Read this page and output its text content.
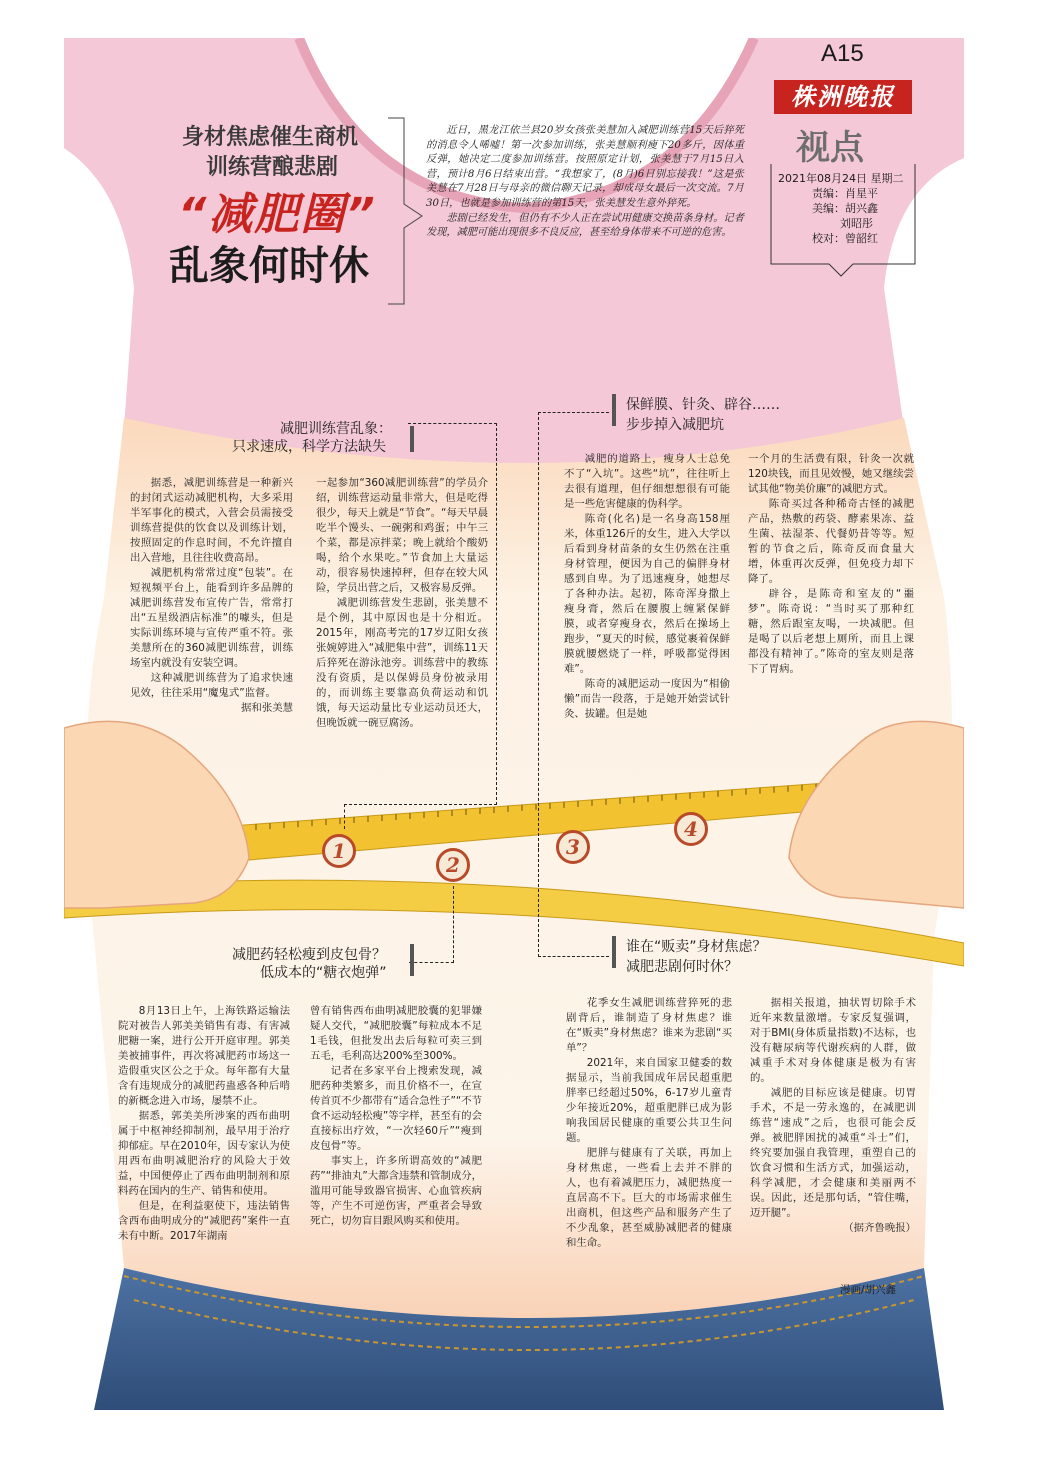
A15
株洲晚报
视点
2021年08月24日 星期二
责编：肖星平
美编：胡兴鑫
刘昭彤
校对：曾韶红
身材焦虑催生商机
训练营酿悲剧
“减肥圈”
乱象何时休

近日，黑龙江依兰县20岁女孩张美慧加入减肥训练营15天后猝死的消息令人唏嘘！第一次参加训练，张美慧顺利瘦下20多斤，因体重反弹，她决定二度参加训练营。按照原定计划，张美慧于7月15日入营，预计8月6日结束出营。“我想家了，(8月)6日别忘接我！”这是张美慧在7月28日与母亲的微信聊天记录，却成母女最后一次交流。7月30日，也就是参加训练营的第15天，张美慧发生意外猝死。

悲剧已经发生，但仍有不少人正在尝试用健康交换苗条身材。记者发现，减肥可能出现很多不良反应，甚至给身体带来不可逆的危害。

减肥训练营乱象：
只求速成，科学方法缺失

据悉，减肥训练营是一种新兴的封闭式运动减肥机构，大多采用半军事化的模式，入营会员需接受训练营提供的饮食以及训练计划，按照固定的作息时间，不允许擅自出入营地，且往往收费高昂。

减肥机构常常过度“包装”。在短视频平台上，能看到许多品牌的减肥训练营发布宣传广告，常常打出“五星级酒店标准”的噱头，但是实际训练环境与宣传严重不符。张美慧所在的360减肥训练营，训练场室内就没有安装空调。

这种减肥训练营为了追求快速见效，往往采用“魔鬼式”监督。

据和张美慧

一起参加“360减肥训练营”的学员介绍，训练营运动量非常大，但是吃得很少，每天上就是“节食”。“每天早晨吃半个馒头、一碗粥和鸡蛋；中午三个菜，都是凉拌菜；晚上就给个酸奶喝，给个水果吃。”节食加上大量运动，很容易快速掉秤，但存在较大风险，学员出营之后，又极容易反弹。

减肥训练营发生悲剧，张美慧不是个例，其中原因也是十分相近。2015年，刚高考完的17岁辽阳女孩张婉婷进入“减肥集中营”，训练11天后猝死在游泳池旁。训练营中的教练没有资质，是以保姆员身份被录用的，而训练主要靠高负荷运动和饥饿，每天运动量比专业运动员还大，但晚饭就一碗豆腐汤。

保鲜膜、针灸、辟谷……
步步掉入减肥坑

减肥的道路上，瘦身人士总免不了“入坑”。这些“坑”，往往听上去很有道理，但仔细想想很有可能是一些危害健康的伪科学。

陈奇(化名)是一名身高158厘米，体重126斤的女生，进入大学以后看到身材苗条的女生仍然在注重身材管理，便因为自己的偏胖身材感到自卑。为了迅速瘦身，她想尽了各种办法。起初，陈奇浑身撒上瘦身膏，然后在腰腹上缠紧保鲜膜，或者穿瘦身衣，然后在操场上跑步，“夏天的时候，感觉裹着保鲜膜就腰燃烧了一样，呼吸都觉得困难”。

陈奇的减肥运动一度因为“相偷懒”而告一段落，于是她开始尝试针灸、拔罐。但是她

一个月的生活费有限，针灸一次就120块钱，而且见效慢，她又继续尝试其他“物美价廉”的减肥方式。

陈奇买过各种稀奇古怪的减肥产品，热敷的药袋、酵素果冻、益生菌、祛湿茶、代餐奶昔等等。短暂的节食之后，陈奇反而食量大增，体重再次反弹，但免疫力却下降了。

辟谷，是陈奇和室友的“噩梦”。陈奇说：“当时买了那种红糖，然后跟室友喝，一块减肥。但是喝了以后老想上厕所，而且上课都没有精神了。”陈奇的室友则是落下了胃病。

1
2
3
4
减肥药轻松瘦到皮包骨？
低成本的“糖衣炮弹”

8月13日上午，上海铁路运输法院对被告人郭美美销售有毒、有害减肥糖一案，进行公开开庭审理。郭美美被捕事件，再次将减肥药市场这一造假重灾区公之于众。每年都有大量含有违规成分的减肥药蛊惑各种后啃的新概念进入市场，屡禁不止。

据悉，郭美美所涉案的西布曲明属于中枢神经抑制剂，最早用于治疗抑郁症。早在2010年，因专家认为使用西布曲明减肥治疗的风险大于效益，中国便停止了西布曲明制剂和原料药在国内的生产、销售和使用。

但是，在利益驱使下，违法销售含西布曲明成分的“减肥药”案件一直未有中断。2017年湖南

曾有销售西布曲明减肥胶囊的犯罪嫌疑人交代，“减肥胶囊”每粒成本不足1毛钱，但批发出去后每粒可卖三到五毛，毛利高达200%至300%。

记者在多家平台上搜索发现，减肥药种类繁多，而且价格不一，在宣传首页不少都带有“适合急性子”“不节食不运动轻松瘦”等字样，甚至有的会直接标出疗效，“一次轻60斤”“瘦到皮包骨”等。

事实上，许多所谓高效的“减肥药”“排油丸”大都含违禁和管制成分，滥用可能导致器官损害、心血管疾病等，产生不可逆伤害，严重者会导致死亡，切勿盲目跟风购买和使用。

谁在“贩卖”身材焦虑？
减肥悲剧何时休？

花季女生减肥训练营猝死的悲剧背后，谁制造了身材焦虑？谁在“贩卖”身材焦虑？谁来为悲剧“买单”？

2021年，来自国家卫健委的数据显示，当前我国成年居民超重肥胖率已经超过50%，6-17岁儿童青少年接近20%，超重肥胖已成为影响我国居民健康的重要公共卫生问题。

肥胖与健康有了关联，再加上身材焦虑，一些看上去并不胖的人，也有着减肥压力，减肥热度一直居高不下。巨大的市场需求催生出商机，但这些产品和服务产生了不少乱象，甚至威胁减肥者的健康和生命。

据相关报道，抽状胃切除手术近年来数量激增。专家反复强调，对于BMI(身体质量指数)不达标，也没有糖尿病等代谢疾病的人群，做减重手术对身体健康是极为有害的。

减肥的目标应该是健康。切胃手术，不是一劳永逸的，在减肥训练营“速成”之后，也很可能会反弹。被肥胖困扰的减重“斗士”们，终究要加强自我管理，重塑自己的饮食习惯和生活方式，加强运动，科学减肥，才会健康和美丽两不误。因此，还是那句话，“管住嘴，迈开腿”。

（据齐鲁晚报）

漫画/胡兴鑫
